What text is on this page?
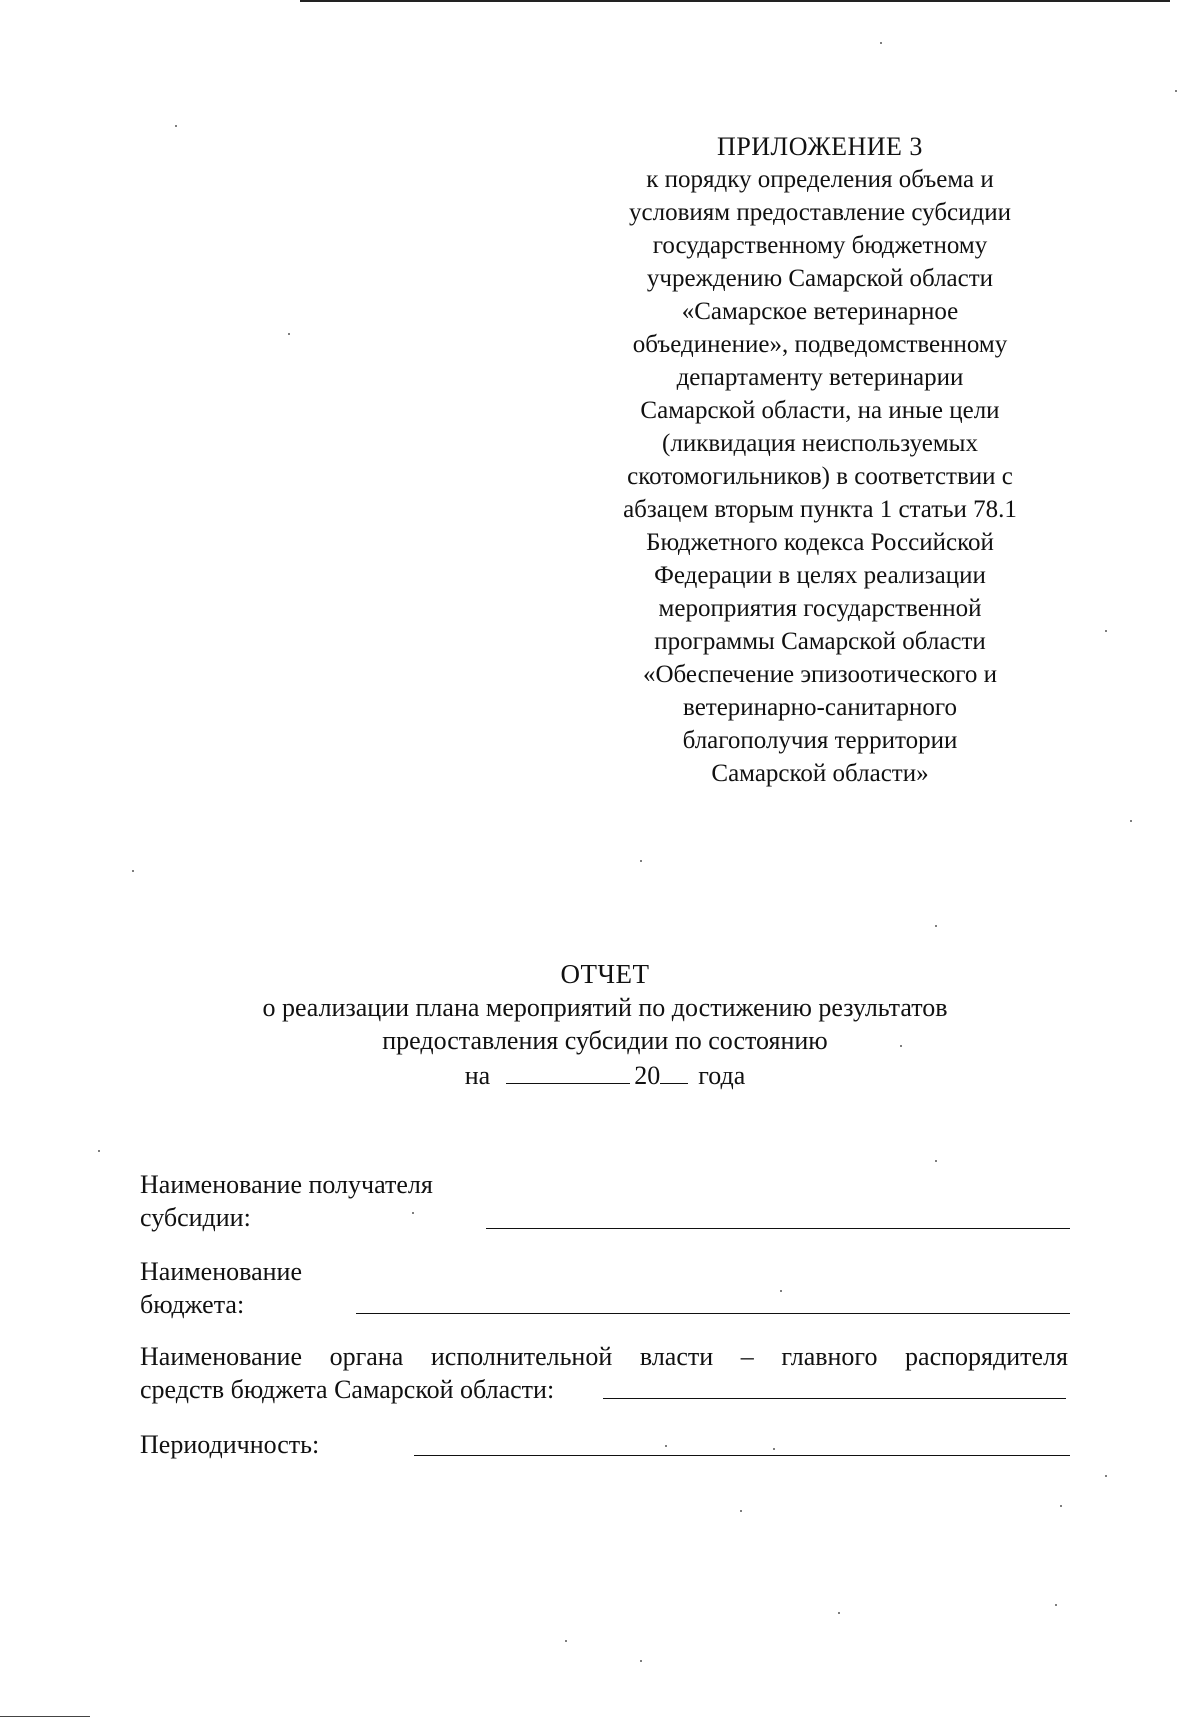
ПРИЛОЖЕНИЕ 3
к порядку определения объема и
условиям предоставление субсидии
государственному бюджетному
учреждению Самарской области
«Самарское ветеринарное
объединение», подведомственному
департаменту ветеринарии
Самарской области, на иные цели
(ликвидация неиспользуемых
скотомогильников) в соответствии с
абзацем вторым пункта 1 статьи 78.1
Бюджетного кодекса Российской
Федерации в целях реализации
мероприятия государственной
программы Самарской области
«Обеспечение эпизоотического и
ветеринарно-санитарного
благополучия территории
Самарской области»
ОТЧЕТ
о реализации плана мероприятий по достижению результатов
предоставления субсидии по состоянию
на	20 года
Наименование получателя
субсидии:
Наименование
бюджета:
Наименование органа исполнительной власти – главного распорядителя
средств бюджета Самарской области:
Периодичность:
